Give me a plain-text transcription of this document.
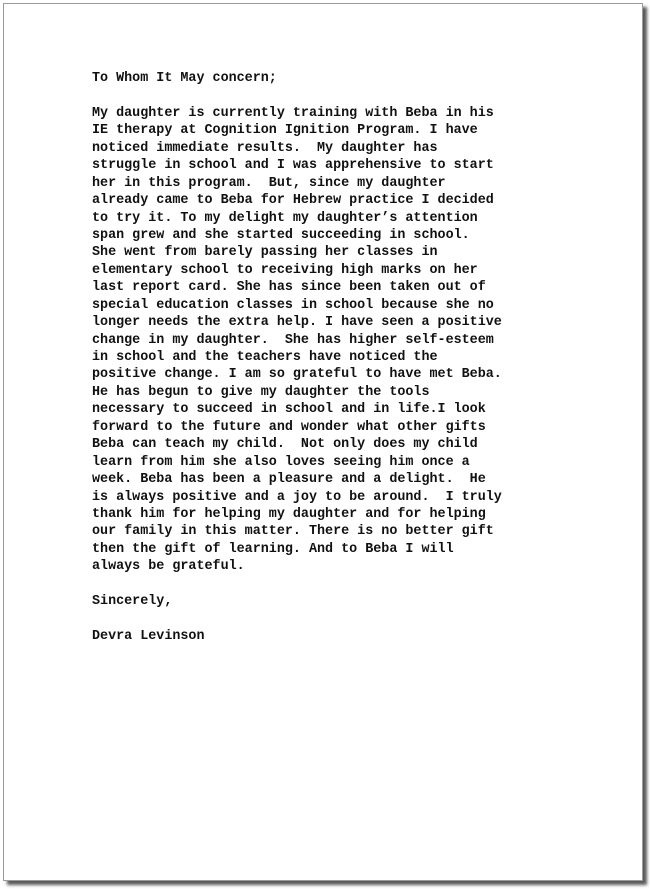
To Whom It May concern;
My daughter is currently training with Beba in his
IE therapy at Cognition Ignition Program. I have
noticed immediate results.  My daughter has
struggle in school and I was apprehensive to start
her in this program.  But, since my daughter
already came to Beba for Hebrew practice I decided
to try it. To my delight my daughter’s attention
span grew and she started succeeding in school.
She went from barely passing her classes in
elementary school to receiving high marks on her
last report card. She has since been taken out of
special education classes in school because she no
longer needs the extra help. I have seen a positive
change in my daughter.  She has higher self-esteem
in school and the teachers have noticed the
positive change. I am so grateful to have met Beba.
He has begun to give my daughter the tools
necessary to succeed in school and in life.I look
forward to the future and wonder what other gifts
Beba can teach my child.  Not only does my child
learn from him she also loves seeing him once a
week. Beba has been a pleasure and a delight.  He
is always positive and a joy to be around.  I truly
thank him for helping my daughter and for helping
our family in this matter. There is no better gift
then the gift of learning. And to Beba I will
always be grateful.
Sincerely,
Devra Levinson
